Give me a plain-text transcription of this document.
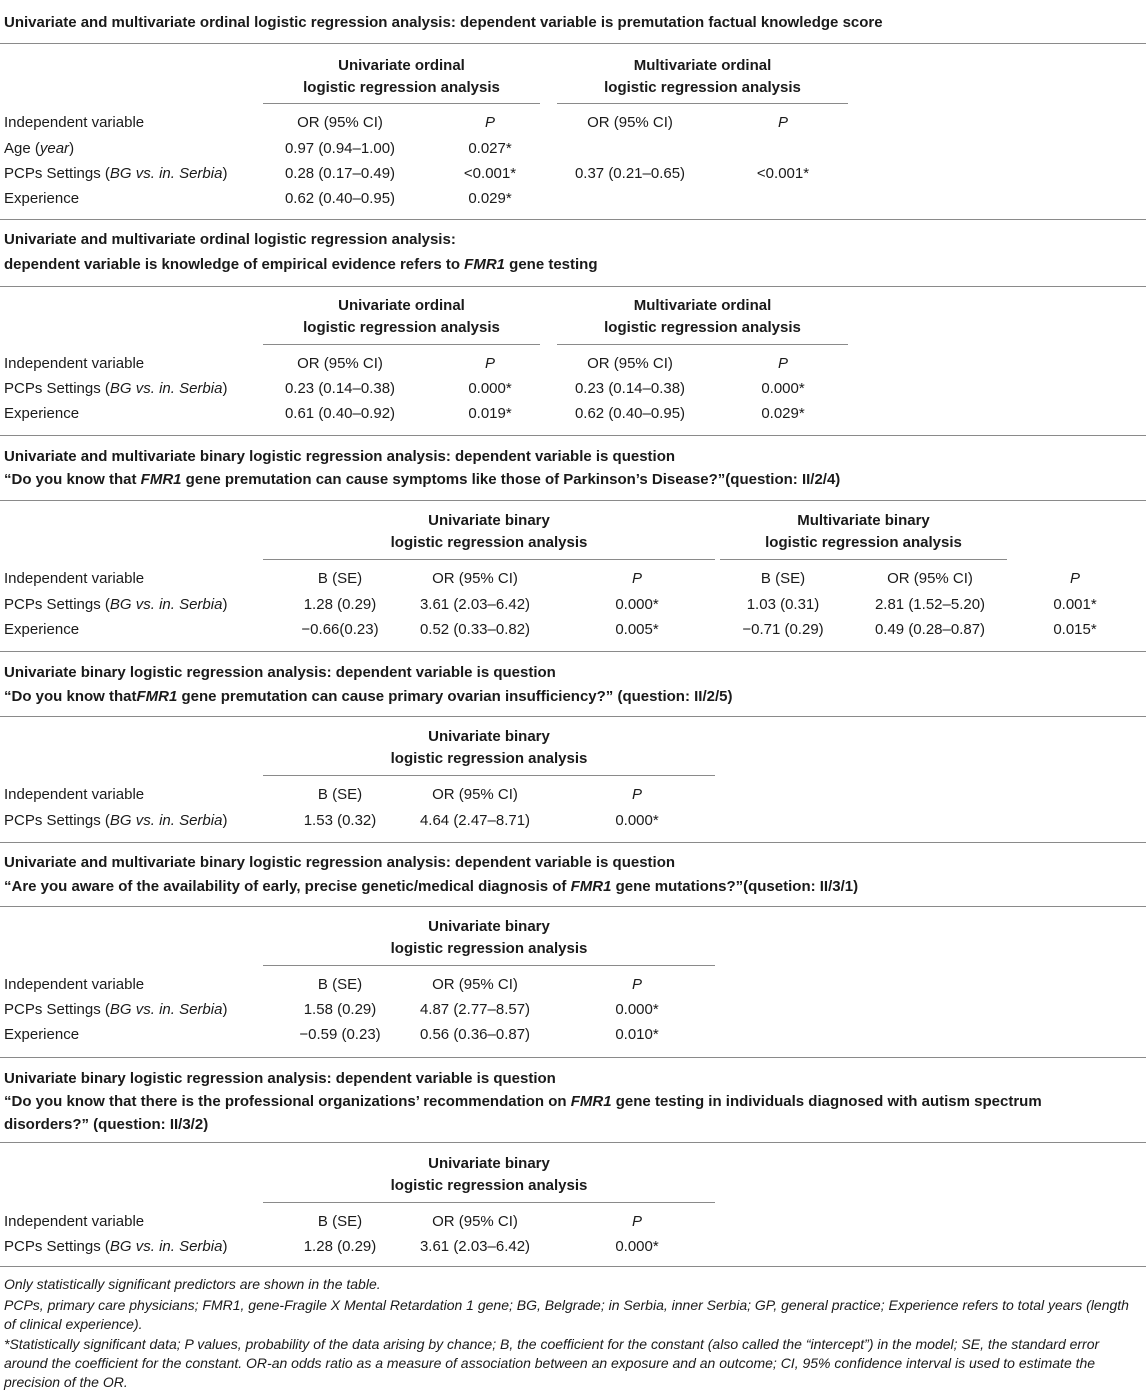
Univariate and multivariate ordinal logistic regression analysis: dependent variable is premutation factual knowledge score
Univariate ordinal
logistic regression analysis
Multivariate ordinal
logistic regression analysis
Independent variable	OR (95% CI)	P	OR (95% CI)	P
Age (year)	0.97 (0.94–1.00)	0.027*
PCPs Settings (BG vs. in. Serbia)	0.28 (0.17–0.49)	<0.001*	0.37 (0.21–0.65)	<0.001*
Experience	0.62 (0.40–0.95)	0.029*
Univariate and multivariate ordinal logistic regression analysis:
dependent variable is knowledge of empirical evidence refers to FMR1 gene testing
Univariate ordinal
logistic regression analysis
Multivariate ordinal
logistic regression analysis
Independent variable	OR (95% CI)	P	OR (95% CI)	P
PCPs Settings (BG vs. in. Serbia)	0.23 (0.14–0.38)	0.000*	0.23 (0.14–0.38)	0.000*
Experience	0.61 (0.40–0.92)	0.019*	0.62 (0.40–0.95)	0.029*
Univariate and multivariate binary logistic regression analysis: dependent variable is question
“Do you know that FMR1 gene premutation can cause symptoms like those of Parkinson’s Disease?”(question: II/2/4)
Univariate binary
logistic regression analysis
Multivariate binary
logistic regression analysis
Independent variable	B (SE)	OR (95% CI)	P	B (SE)	OR (95% CI)	P
PCPs Settings (BG vs. in. Serbia)	1.28 (0.29)	3.61 (2.03–6.42)	0.000*	1.03 (0.31)	2.81 (1.52–5.20)	0.001*
Experience	−0.66(0.23)	0.52 (0.33–0.82)	0.005*	−0.71 (0.29)	0.49 (0.28–0.87)	0.015*
Univariate binary logistic regression analysis: dependent variable is question
“Do you know thatFMR1 gene premutation can cause primary ovarian insufficiency?” (question: II/2/5)
Univariate binary
logistic regression analysis
Independent variable	B (SE)	OR (95% CI)	P
PCPs Settings (BG vs. in. Serbia)	1.53 (0.32)	4.64 (2.47–8.71)	0.000*
Univariate and multivariate binary logistic regression analysis: dependent variable is question
“Are you aware of the availability of early, precise genetic/medical diagnosis of FMR1 gene mutations?”(qusetion: II/3/1)
Univariate binary
logistic regression analysis
Independent variable	B (SE)	OR (95% CI)	P
PCPs Settings (BG vs. in. Serbia)	1.58 (0.29)	4.87 (2.77–8.57)	0.000*
Experience	−0.59 (0.23)	0.56 (0.36–0.87)	0.010*
Univariate binary logistic regression analysis: dependent variable is question
“Do you know that there is the professional organizations’ recommendation on FMR1 gene testing in individuals diagnosed with autism spectrum
disorders?” (question: II/3/2)
Univariate binary
logistic regression analysis
Independent variable	B (SE)	OR (95% CI)	P
PCPs Settings (BG vs. in. Serbia)	1.28 (0.29)	3.61 (2.03–6.42)	0.000*
Only statistically significant predictors are shown in the table.
PCPs, primary care physicians; FMR1, gene-Fragile X Mental Retardation 1 gene; BG, Belgrade; in Serbia, inner Serbia; GP, general practice; Experience refers to total years (length of clinical experience).
*Statistically significant data; P values, probability of the data arising by chance; B, the coefficient for the constant (also called the “intercept”) in the model; SE, the standard error around the coefficient for the constant. OR-an odds ratio as a measure of association between an exposure and an outcome; CI, 95% confidence interval is used to estimate the precision of the OR.
